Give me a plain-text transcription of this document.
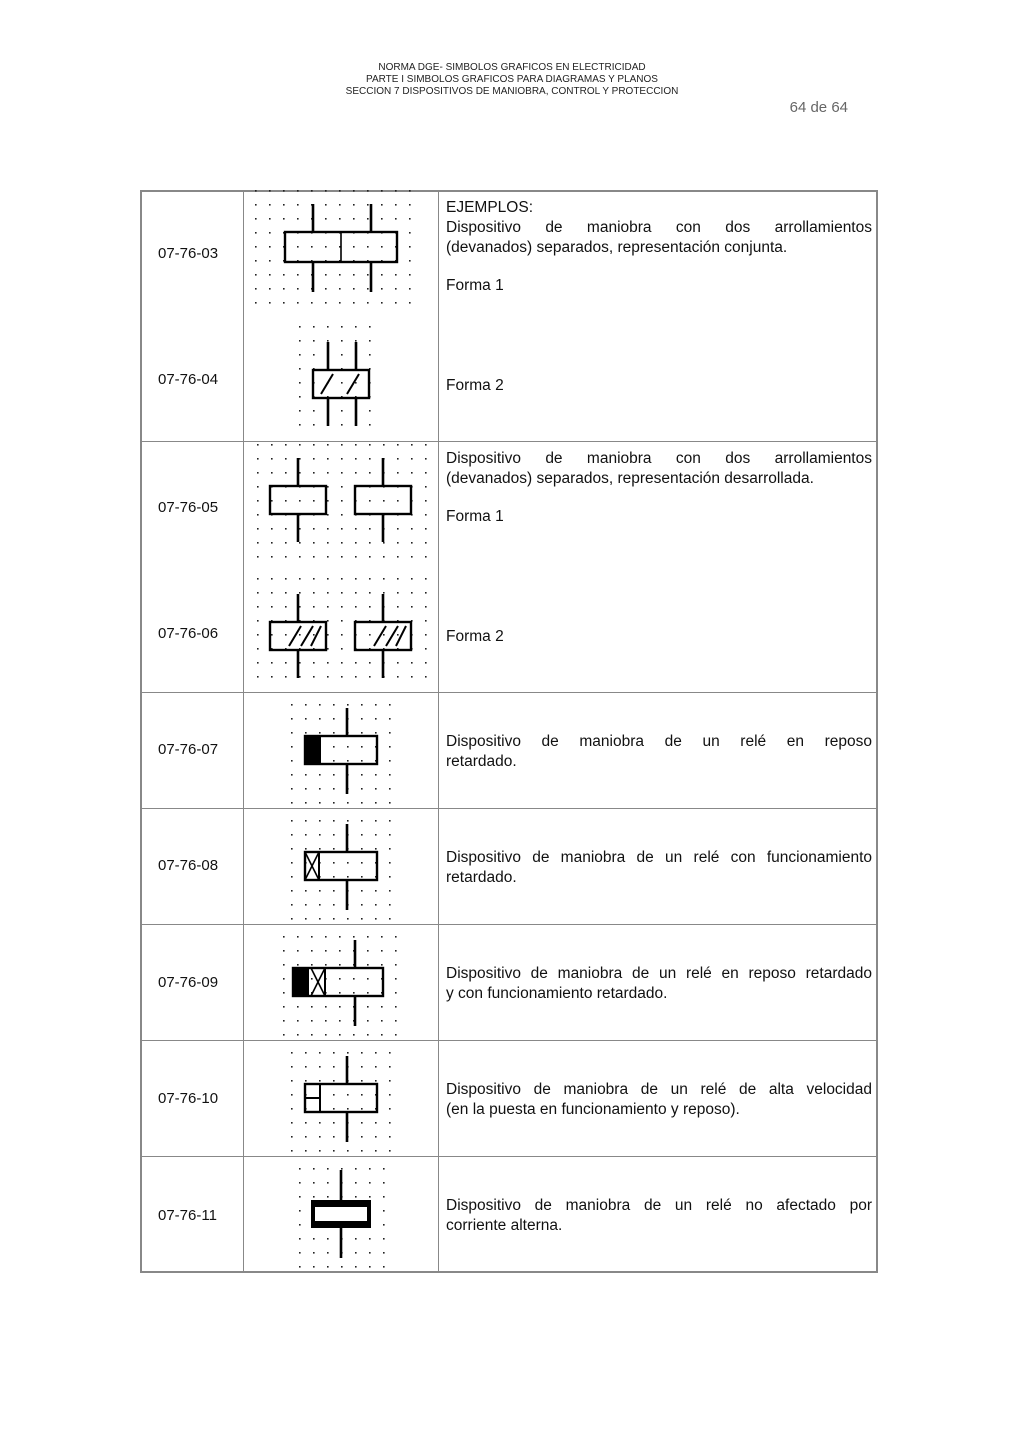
NORMA DGE- SIMBOLOS GRAFICOS EN ELECTRICIDAD
PARTE I SIMBOLOS GRAFICOS PARA DIAGRAMAS Y PLANOS
SECCION 7 DISPOSITIVOS DE MANIOBRA, CONTROL Y PROTECCION
64 de 64
07-76-03
07-76-04
07-76-05
07-76-06
07-76-07
07-76-08
07-76-09
07-76-10
07-76-11

EJEMPLOS:

Dispositivo de maniobra con dos arrollamientos

(devanados) separados, representación conjunta.

Forma 1

Forma 2

Dispositivo de maniobra con dos arrollamientos

(devanados) separados, representación desarrollada.

Forma 1

Forma 2

Dispositivo de maniobra de un relé en reposo

retardado.

Dispositivo de maniobra de un relé con funcionamiento

retardado.

Dispositivo de maniobra de un relé en reposo retardado

y con funcionamiento retardado.

Dispositivo de maniobra de un relé de alta velocidad

(en la puesta en funcionamiento y reposo).

Dispositivo de maniobra de un relé no afectado por

corriente alterna.
